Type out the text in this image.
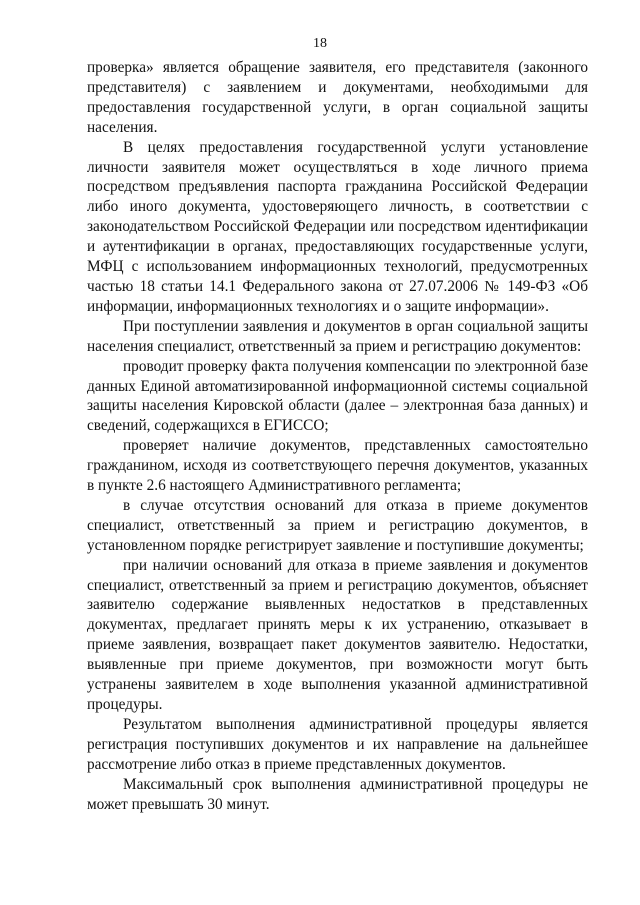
18

проверка» является обращение заявителя, его представителя (законного представителя) с заявлением и документами, необходимыми для предоставления государственной услуги, в орган социальной защиты населения.

В целях предоставления государственной услуги установление личности заявителя может осуществляться в ходе личного приема посредством предъявления паспорта гражданина Российской Федерации либо иного документа, удостоверяющего личность, в соответствии с законодательством Российской Федерации или посредством идентификации и аутентификации в органах, предоставляющих государственные услуги, МФЦ с использованием информационных технологий, предусмотренных частью 18 статьи 14.1 Федерального закона от 27.07.2006 № 149-ФЗ «Об информации, информационных технологиях и о защите информации».

При поступлении заявления и документов в орган социальной защиты населения специалист, ответственный за прием и регистрацию документов:

проводит проверку факта получения компенсации по электронной базе данных Единой автоматизированной информационной системы социальной защиты населения Кировской области (далее – электронная база данных) и сведений, содержащихся в ЕГИССО;

проверяет наличие документов, представленных самостоятельно гражданином, исходя из соответствующего перечня документов, указанных в пункте 2.6 настоящего Административного регламента;

в случае отсутствия оснований для отказа в приеме документов специалист, ответственный за прием и регистрацию документов, в установленном порядке регистрирует заявление и поступившие документы;

при наличии оснований для отказа в приеме заявления и документов специалист, ответственный за прием и регистрацию документов, объясняет заявителю содержание выявленных недостатков в представленных документах, предлагает принять меры к их устранению, отказывает в приеме заявления, возвращает пакет документов заявителю. Недостатки, выявленные при приеме документов, при возможности могут быть устранены заявителем в ходе выполнения указанной административной процедуры.

Результатом выполнения административной процедуры является регистрация поступивших документов и их направление на дальнейшее рассмотрение либо отказ в приеме представленных документов.

Максимальный срок выполнения административной процедуры не может превышать 30 минут.
